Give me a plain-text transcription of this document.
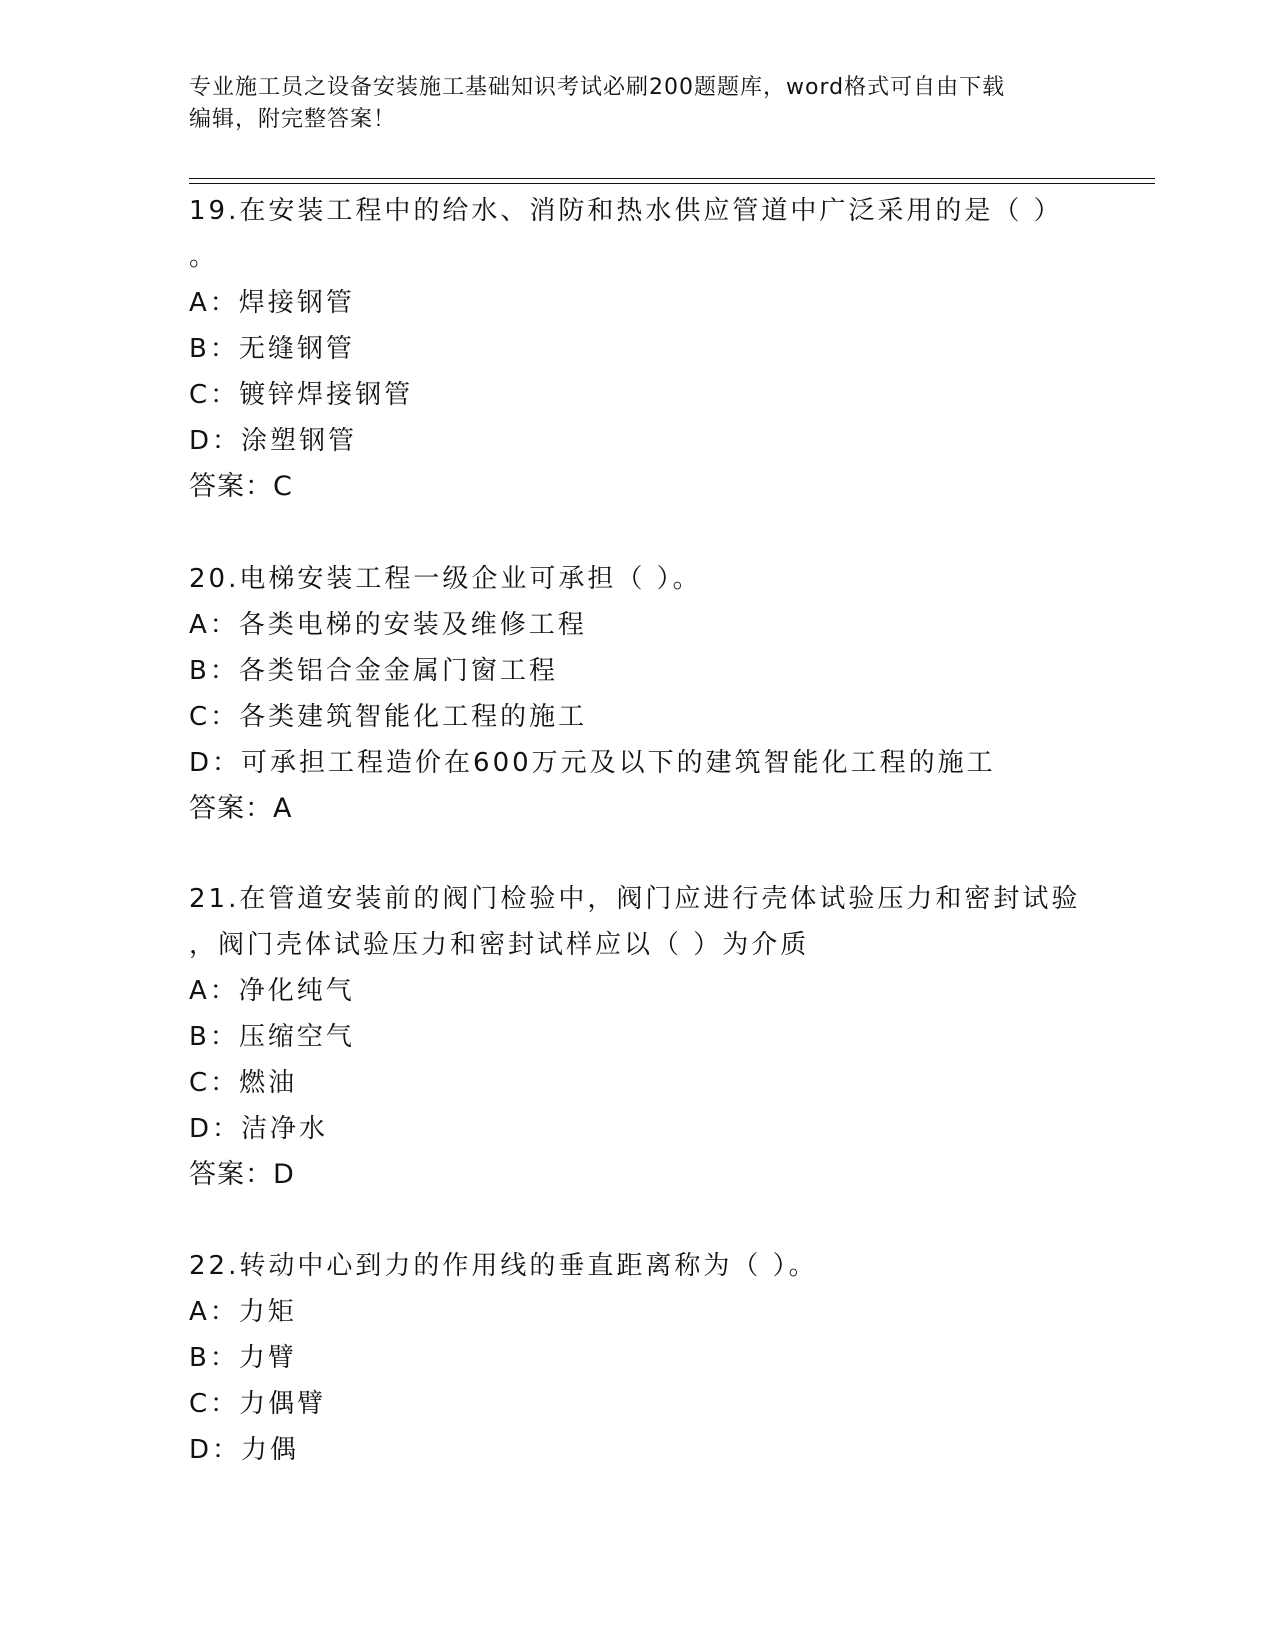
专业施工员之设备安装施工基础知识考试必刷200题题库，word格式可自由下载
编辑，附完整答案！
19.在安装工程中的给水、消防和热水供应管道中广泛采用的是（ ）
。
A：焊接钢管
B：无缝钢管
C：镀锌焊接钢管
D：涂塑钢管
答案：C
20.电梯安装工程一级企业可承担（ ）。
A：各类电梯的安装及维修工程
B：各类铝合金金属门窗工程
C：各类建筑智能化工程的施工
D：可承担工程造价在600万元及以下的建筑智能化工程的施工
答案：A
21.在管道安装前的阀门检验中，阀门应进行壳体试验压力和密封试验
，阀门壳体试验压力和密封试样应以（ ）为介质
A：净化纯气
B：压缩空气
C：燃油
D：洁净水
答案：D
22.转动中心到力的作用线的垂直距离称为（ ）。
A：力矩
B：力臂
C：力偶臂
D：力偶
